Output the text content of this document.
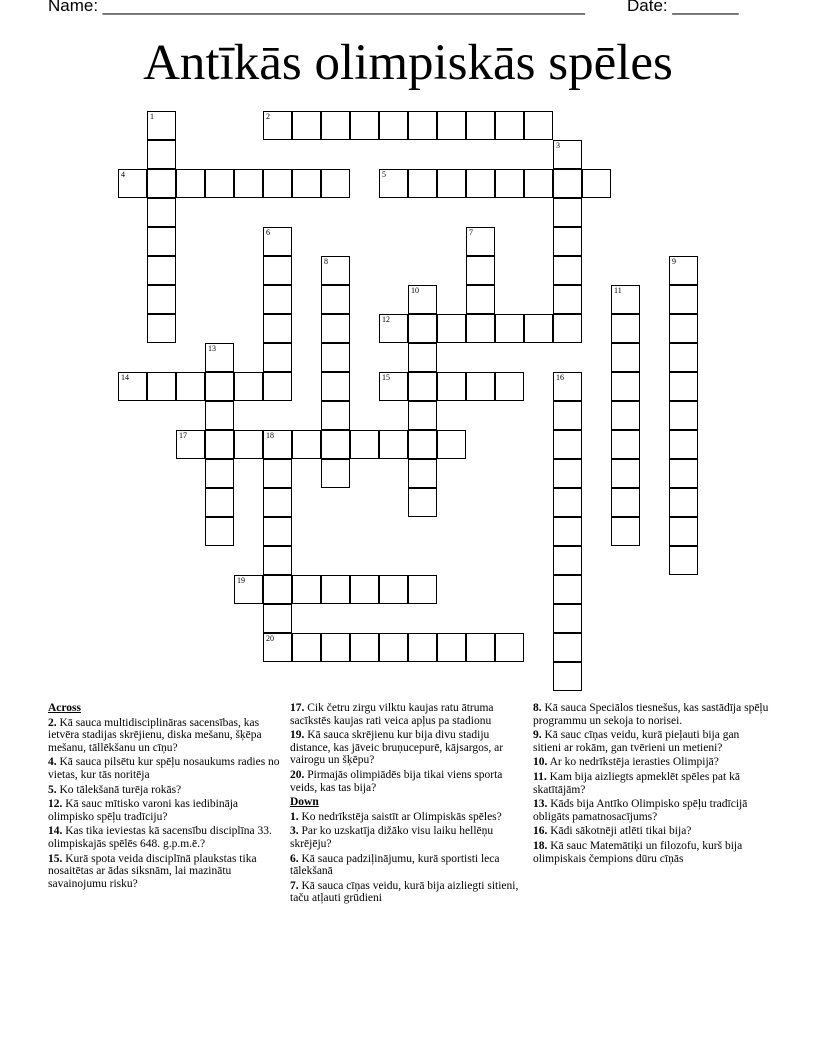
Name: ___________________________________________________ Date: _______
Antīkās olimpiskās spēles
1	2
3
4	5
6	7
8	9
10	11
12
13
14	15	16
17	18
20
19
Across
2. Kā sauca multidisciplināras sacensības, kas ietvēra stadijas skrējienu, diska mešanu, šķēpa mešanu, tāllēkšanu un cīņu?
4. Kā sauca pilsētu kur spēļu nosaukums radies no vietas, kur tās noritēja
5. Ko tālekšanā turēja rokās?
12. Kā sauc mītisko varoni kas iedibināja olimpisko spēļu tradīciju?
14. Kas tika ieviestas kā sacensību disciplīna 33. olimpiskajās spēlēs 648. g.p.m.ē.?
15. Kurā spota veida disciplīnā plaukstas tika nosaitētas ar ādas siksnām, lai mazinātu savainojumu risku?
17. Cik četru zirgu vilktu kaujas ratu ātruma sacīkstēs kaujas rati veica apļus pa stadionu
19. Kā sauca skrējienu kur bija divu stadiju distance, kas jāveic bruņucepurē, kājsargos, ar vairogu un šķēpu?
20. Pirmajās olimpiādēs bija tikai viens sporta veids, kas tas bija?
Down
1. Ko nedrīkstēja saistīt ar Olimpiskās spēles?
3. Par ko uzskatīja dižāko visu laiku hellēņu skrējēju?
6. Kā sauca padziļinājumu, kurā sportisti leca tālekšanā
7. Kā sauca cīņas veidu, kurā bija aizliegti sitieni, taču atļauti grūdieni
8. Kā sauca Speciālos tiesnešus, kas sastādīja spēļu programmu un sekoja to norisei.
9. Kā sauc cīņas veidu, kurā pieļauti bija gan sitieni ar rokām, gan tvērieni un metieni?
10. Ar ko nedrīkstēja ierasties Olimpijā?
11. Kam bija aizliegts apmeklēt spēles pat kā skatītājām?
13. Kāds bija Antīko Olimpisko spēļu tradīcijā obligāts pamatnosacījums?
16. Kādi sākotnēji atlēti tikai bija?
18. Kā sauc Matemātiķi un filozofu, kurš bija olimpiskais čempions dūru cīņās
